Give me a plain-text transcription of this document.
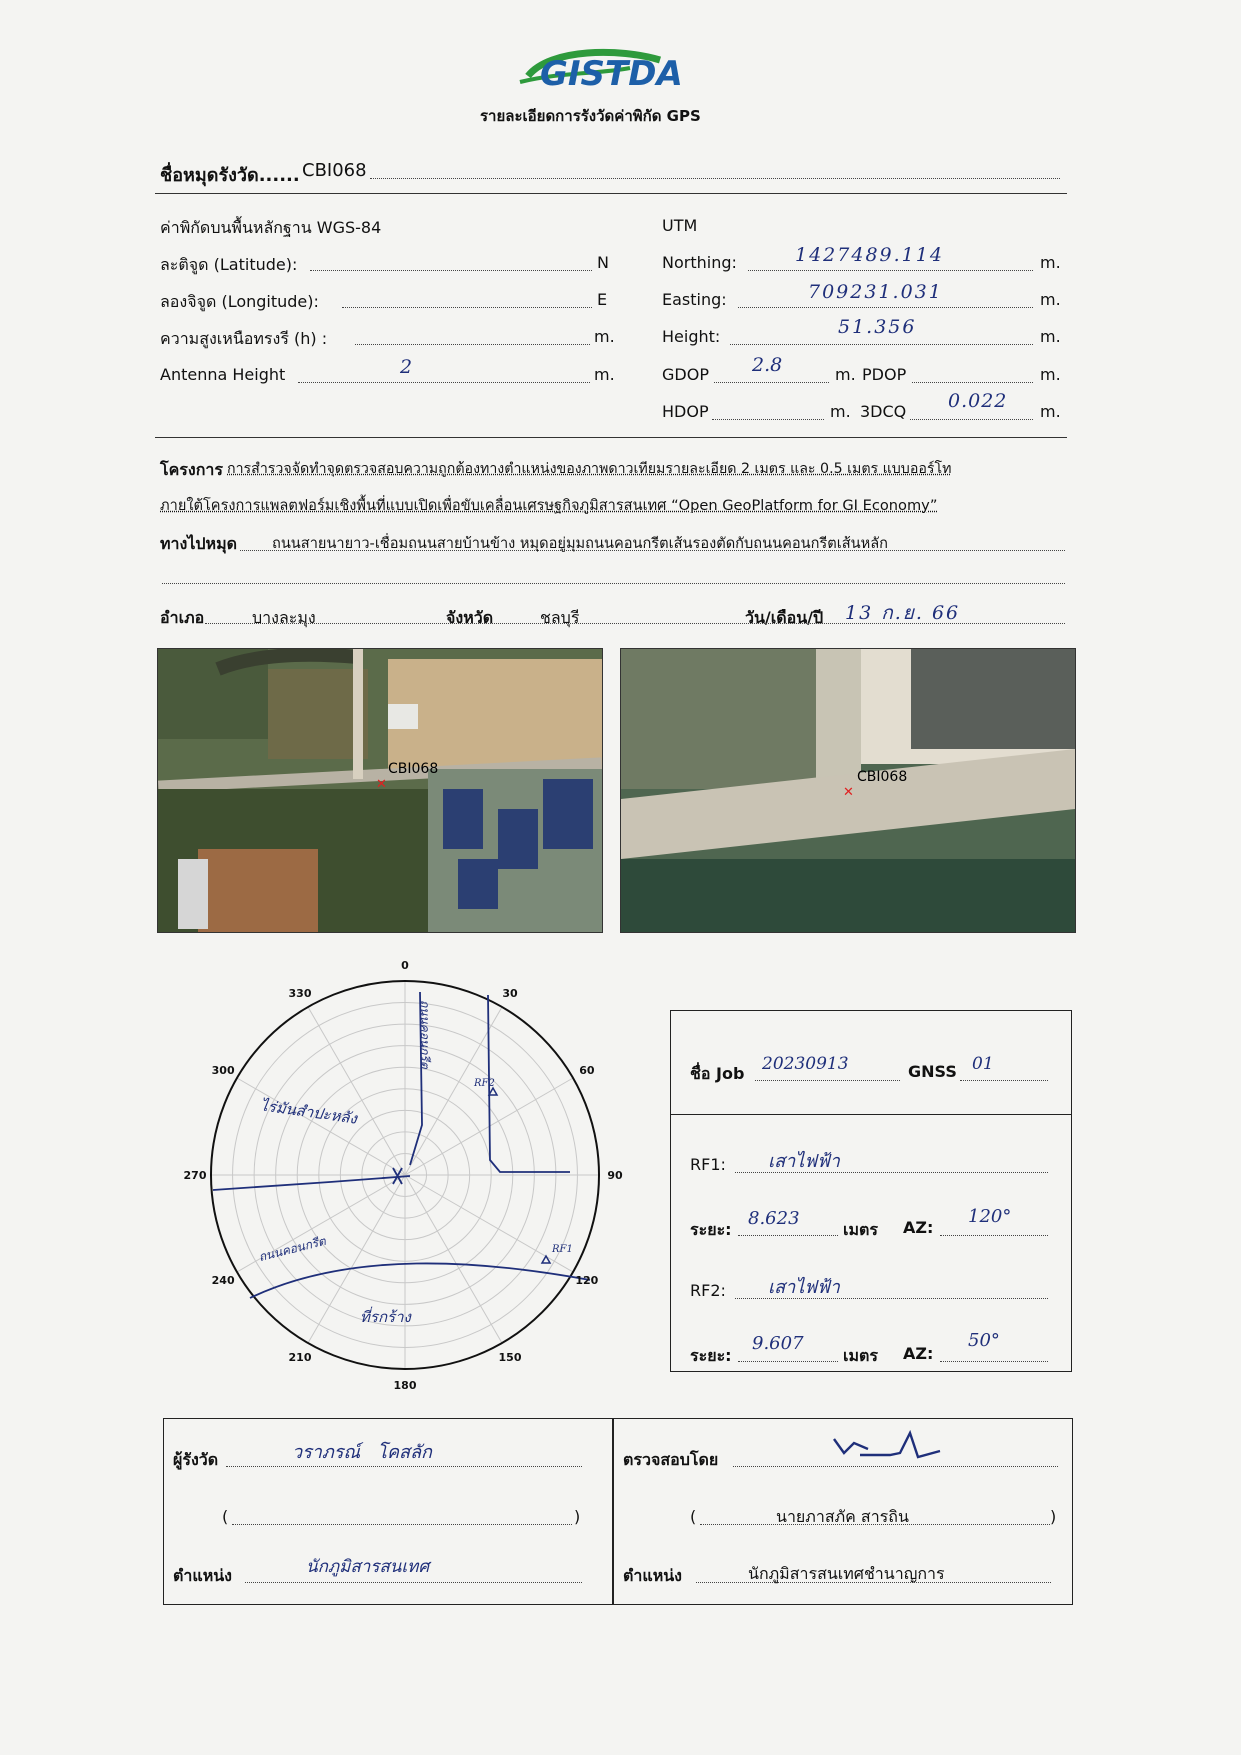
GISTDA
รายละเอียดการรังวัดค่าพิกัด GPS
ชื่อหมุดรังวัด...... CBI068
ค่าพิกัดบนพื้นหลักฐาน WGS-84
ละติจูด (Latitude):	N
ลองจิจูด (Longitude):	E
ความสูงเหนือทรงรี (h) :	m.
Antenna Height	2	m.
UTM
Northing:	1427489.114	m.
Easting:	709231.031	m.
Height:	51.356	m.
GDOP 2.8	m. PDOP	m.
HDOP	m. 3DCQ 0.022 m.
โครงการ การสำรวจจัดทำจุดตรวจสอบความถูกต้องทางตำแหน่งของภาพดาวเทียมรายละเอียด 2 เมตร และ 0.5 เมตร แบบออร์โท
ภายใต้โครงการแพลตฟอร์มเชิงพื้นที่แบบเปิดเพื่อขับเคลื่อนเศรษฐกิจภูมิสารสนเทศ “Open GeoPlatform for GI Economy”
ทางไปหมุด ถนนสายนายาว-เชื่อมถนนสายบ้านข้าง หมุดอยู่มุมถนนคอนกรีตเส้นรองตัดกับถนนคอนกรีตเส้นหลัก
อำเภอ	บางละมุง	จังหวัด	ชลบุรี	วัน/เดือน/ปี 13 ก.ย. 66
✕
CBI068
✕
CBI068
0
30
60
90
120
150
180
210
240
270
300
330
ถนนคอนกรีต
ไร่มันสำปะหลัง
ถนนคอนกรีต
ที่รกร้าง
RF1
RF2
ชื่อ Job 20230913	GNSS 01
RF1: เสาไฟฟ้า
ระยะ:
8.623
เมตร AZ:
120°
RF2: เสาไฟฟ้า
ระยะ:
9.607
เมตร AZ:
50°
ผู้รังวัด	วราภรณ์   โคสลัก
(	)
ตำแหน่ง	นักภูมิสารสนเทศ
ตรวจสอบโดย
(	นายภาสภัค สารถิน	)
ตำแหน่ง	นักภูมิสารสนเทศชำนาญการ
